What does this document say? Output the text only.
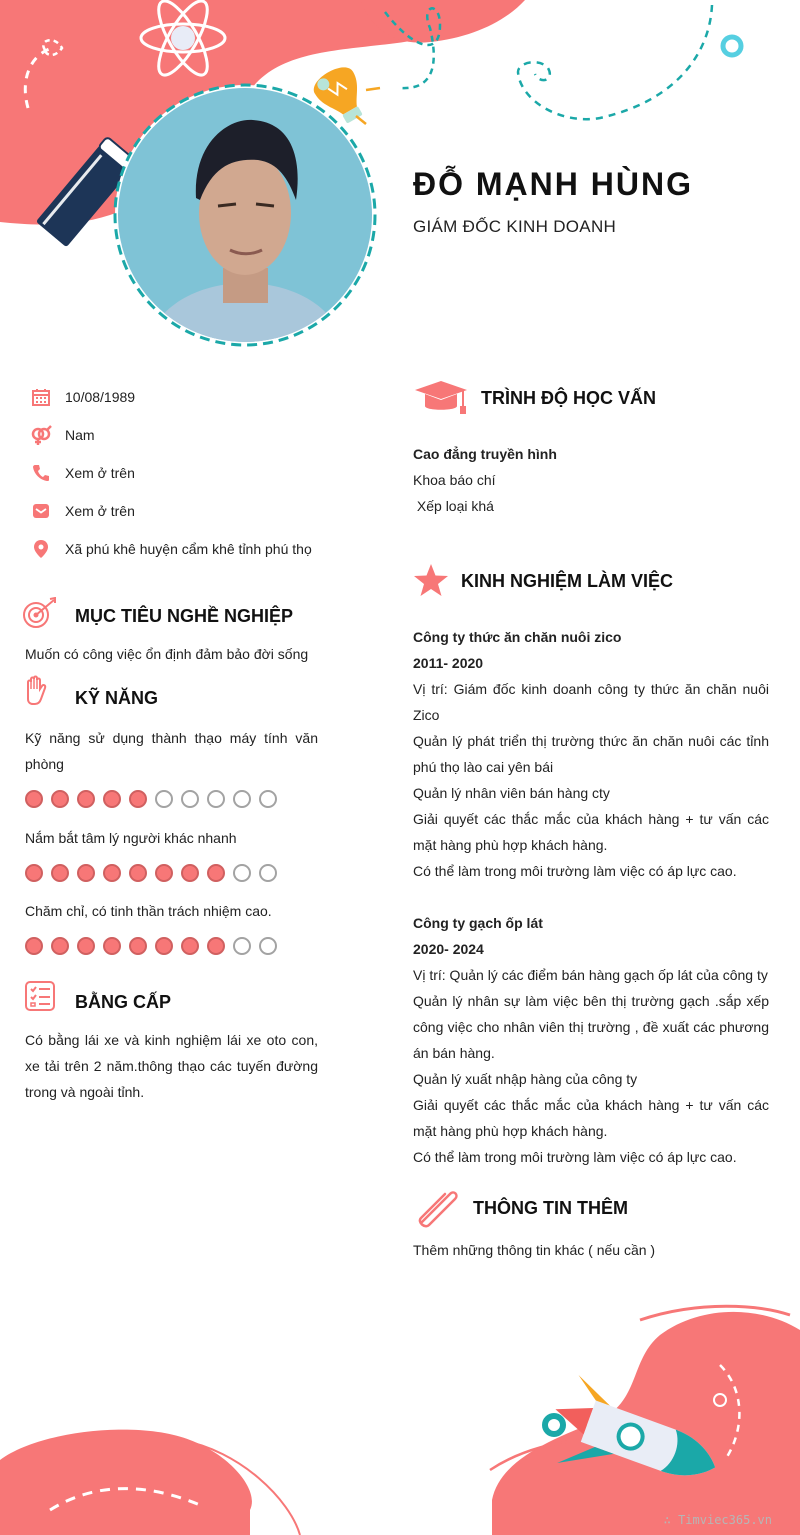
ĐỖ MẠNH HÙNG
GIÁM ĐỐC KINH DOANH
10/08/1989
Nam
Xem ở trên
Xem ở trên
Xã phú khê huyện cẩm khê tỉnh phú thọ
MỤC TIÊU NGHỀ NGHIỆP
Muốn có công việc ổn định đảm bảo đời sống
KỸ NĂNG
Kỹ năng sử dụng thành thạo máy tính văn phòng
Nắm bắt tâm lý người khác nhanh
Chăm chỉ, có tinh thần trách nhiệm cao.
BẰNG CẤP
Có bằng lái xe và kinh nghiệm lái xe oto con, xe tải trên 2 năm.thông thạo các tuyến đường trong và ngoài tỉnh.
TRÌNH ĐỘ HỌC VẤN
Cao đẳng truyền hình
Khoa báo chí
Xếp loại khá
KINH NGHIỆM LÀM VIỆC
Công ty thức ăn chăn nuôi zico
2011- 2020
Vị trí: Giám đốc kinh doanh công ty thức ăn chăn nuôi Zico
Quản lý phát triển thị trường thức ăn chăn nuôi các tỉnh phú thọ lào cai yên bái
Quản lý nhân viên bán hàng cty
Giải quyết các thắc mắc của khách hàng + tư vấn các mặt hàng phù hợp khách hàng.
Có thể làm trong môi trường làm việc có áp lực cao.
Công ty gạch ốp lát
2020- 2024
Vị trí: Quản lý các điểm bán hàng gạch ốp lát của công ty
Quản lý nhân sự làm việc bên thị trường gạch .sắp xếp công việc cho nhân viên thị trường , đề xuất các phương án bán hàng.
Quản lý xuất nhập hàng của công ty
Giải quyết các thắc mắc của khách hàng + tư vấn các mặt hàng phù hợp khách hàng.
Có thể làm trong môi trường làm việc có áp lực cao.
THÔNG TIN THÊM
Thêm những thông tin khác ( nếu cần )
∴ Timviec365.vn
